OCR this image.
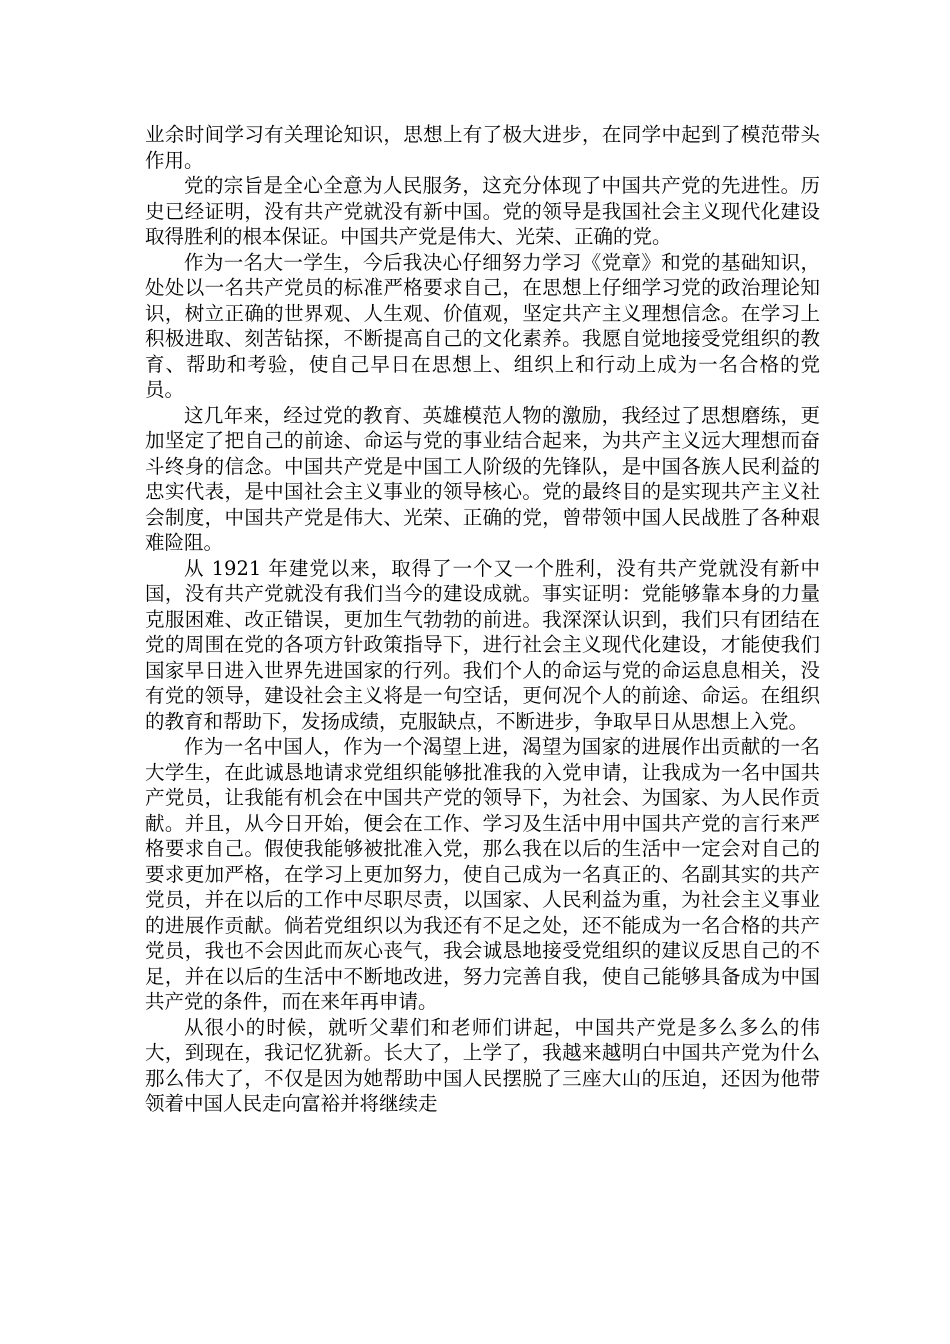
业余时间学习有关理论知识，思想上有了极大进步，在同学中起到了模范带头作用。

党的宗旨是全心全意为人民服务，这充分体现了中国共产党的先进性。历史已经证明，没有共产党就没有新中国。党的领导是我国社会主义现代化建设取得胜利的根本保证。中国共产党是伟大、光荣、正确的党。

作为一名大一学生，今后我决心仔细努力学习《党章》和党的基础知识，处处以一名共产党员的标准严格要求自己，在思想上仔细学习党的政治理论知识，树立正确的世界观、人生观、价值观，坚定共产主义理想信念。在学习上积极进取、刻苦钻探，不断提高自己的文化素养。我愿自觉地接受党组织的教育、帮助和考验，使自己早日在思想上、组织上和行动上成为一名合格的党员。

这几年来，经过党的教育、英雄模范人物的激励，我经过了思想磨练，更加坚定了把自己的前途、命运与党的事业结合起来，为共产主义远大理想而奋斗终身的信念。中国共产党是中国工人阶级的先锋队，是中国各族人民利益的忠实代表，是中国社会主义事业的领导核心。党的最终目的是实现共产主义社会制度，中国共产党是伟大、光荣、正确的党，曾带领中国人民战胜了各种艰难险阻。

从 1921 年建党以来，取得了一个又一个胜利，没有共产党就没有新中国，没有共产党就没有我们当今的建设成就。事实证明：党能够靠本身的力量克服困难、改正错误，更加生气勃勃的前进。我深深认识到，我们只有团结在党的周围在党的各项方针政策指导下，进行社会主义现代化建设，才能使我们国家早日进入世界先进国家的行列。我们个人的命运与党的命运息息相关，没有党的领导，建设社会主义将是一句空话，更何况个人的前途、命运。在组织的教育和帮助下，发扬成绩，克服缺点，不断进步，争取早日从思想上入党。

作为一名中国人，作为一个渴望上进，渴望为国家的进展作出贡献的一名大学生，在此诚恳地请求党组织能够批准我的入党申请，让我成为一名中国共产党员，让我能有机会在中国共产党的领导下，为社会、为国家、为人民作贡献。并且，从今日开始，便会在工作、学习及生活中用中国共产党的言行来严格要求自己。假使我能够被批准入党，那么我在以后的生活中一定会对自己的要求更加严格，在学习上更加努力，使自己成为一名真正的、名副其实的共产党员，并在以后的工作中尽职尽责，以国家、人民利益为重，为社会主义事业的进展作贡献。倘若党组织以为我还有不足之处，还不能成为一名合格的共产党员，我也不会因此而灰心丧气，我会诚恳地接受党组织的建议反思自己的不足，并在以后的生活中不断地改进，努力完善自我，使自己能够具备成为中国共产党的条件，而在来年再申请。

从很小的时候，就听父辈们和老师们讲起，中国共产党是多么多么的伟大，到现在，我记忆犹新。长大了，上学了，我越来越明白中国共产党为什么那么伟大了，不仅是因为她帮助中国人民摆脱了三座大山的压迫，还因为他带领着中国人民走向富裕并将继续走
